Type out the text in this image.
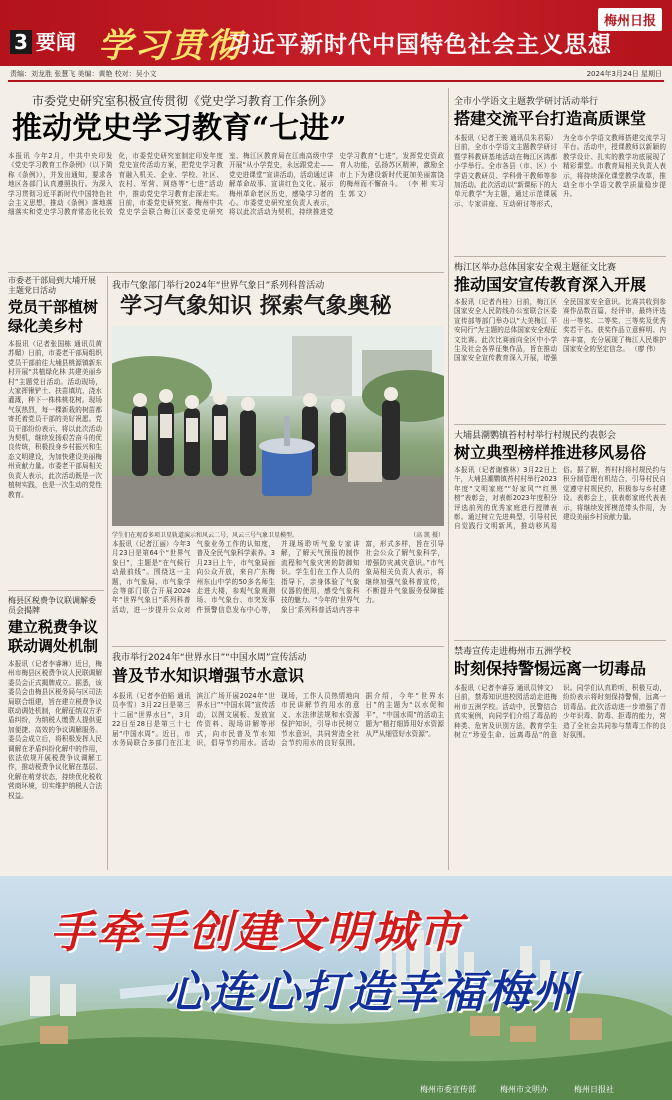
3 要闻 学习贯彻
习近平新时代中国特色社会主义思想
梅州日报
责编：刘龙胜 张慧飞 美编：黄艳 校对：吴小文	2024年3月24日 星期日
市委党史研究室积极宣传贯彻《党史学习教育工作条例》
推动党史学习教育“七进”
本报讯 今年2月，中共中央印发《党史学习教育工作条例》（以下简称《条例》），并发出通知，要求各地区各部门认真遵照执行。为深入学习贯彻习近平新时代中国特色社会主义思想，推动《条例》落地落细落实和党史学习教育常态化长效化，市委党史研究室制定印发年度党史宣传活动方案，把党史学习教育融入机关、企业、学校、社区、农村、军营、网络等“七进”活动中，推动党史学习教育走深走实。日前，市委党史研究室、梅州中共党史学会联合梅江区委党史研究室、梅江区教育局在江南高级中学开展“从小学党史，永远跟党走——党史进课堂”宣讲活动，活动通过讲解革命故事、宣讲红色文化、展示梅州革命老区历史，感染学习者的心。市委党史研究室负责人表示，将以此次活动为契机，持续推进党史学习教育“七进”，发挥党史资政育人功能，弘扬苏区精神，激励全市上下为建设新时代更加美丽富饶的梅州而不懈奋斗。 （李 彬 实习生 郭 文）
市委老干部局到大埔开展主题党日活动
党员干部植树绿化美乡村
本报讯（记者张国栋 通讯员黄苏媚）日前，市委老干部局组织党员干部前往大埔县桃源镇新东村开展“共植绿化林 共建美丽乡村”主题党日活动。活动现场，大家挥锹铲土、扶苗填坑、浇水灌溉，种下一株株桃花树。现场气氛热烈，每一棵新栽的树苗都寄托着党员干部的美好祝愿。党员干部纷纷表示，将以此次活动为契机，继续发扬艰苦奋斗的优良传统，积极投身乡村振兴和生态文明建设，为加快建设美丽梅州贡献力量。市委老干部局相关负责人表示，此次活动既是一次植树实践，也是一次生动的党性教育。
梅县区税费争议联调解委员会揭牌
建立税费争议联动调处机制
本报讯（记者李睿琳）近日，梅州市梅县区税费争议人民联调解委员会正式揭牌成立。据悉，该委员会由梅县区税务局与区司法局联合组建，旨在建立税费争议联动调处机制，化解征纳双方矛盾纠纷，为纳税人缴费人提供更加便捷、高效的争议调解服务。委员会成立后，将积极发挥人民调解在矛盾纠纷化解中的作用，依法依规开展税费争议调解工作，推动税费争议化解在基层、化解在萌芽状态，持续优化税收营商环境，切实维护纳税人合法权益。
我市气象部门举行2024年“世界气象日”系列科普活动
学习气象知识 探索气象奥秘
学生们在观看多项卫星轨道演示和风云二号、风云三号气象卫星模型。	（高 凯 摄）
本报讯（记者江丽）今年3月23日是第64个“世界气象日”，主题是“在气候行动最前线”。围绕这一主题，市气象局、市气象学会等部门联合开展2024年“世界气象日”系列科普活动，进一步提升公众对气象业务工作的认知度，普及全民气象科学素养。3月23日上午，市气象局面向公众开放，来自广东梅州东山中学的50多名师生走进大楼，参观气象观测场、市气象台、市突发事件预警信息发布中心等，并现场聆听气象专家讲解，了解天气预报的制作流程和气象灾害的防御知识。学生们在工作人员的指导下，亲身体验了气象仪器的使用，感受气象科技的魅力。“今年的‘世界气象日’系列科普活动内容丰富，形式多样，旨在引导社会公众了解气象科学，增强防灾减灾意识。”市气象局相关负责人表示，将继续加强气象科普宣传，不断提升气象服务保障能力。
我市举行2024年“世界水日”“中国水周”宣传活动
普及节水知识增强节水意识
本报讯（记者李伯韬 通讯员李雪）3月22日是第三十二届“世界水日”，3月22日至28日是第三十七届“中国水周”。近日，市水务局联合多部门在江北滨江广场开展2024年“世界水日”“中国水周”宣传活动，以图文展板、发放宣传资料、现场讲解等形式，向市民普及节水知识，倡导节约用水。活动现场，工作人员热情地向市民讲解节约用水的意义、水法律法规和水资源保护知识，引导市民树立节水意识，共同营造全社会节约用水的良好氛围。据介绍，今年“世界水日”的主题为“以水促和平”，“中国水周”的活动主题为“精打细算用好水资源 从严从细管好水资源”。
全市小学语文主题教学研讨活动举行
搭建交流平台打造高质课堂
本报讯（记者王骏 通讯员朱君菊）日前，全市小学语文主题教学研讨暨学科教研基地活动在梅江区鸿都小学举行。全市各县（市、区）小学语文教研员、学科骨干教师等参加活动。此次活动以“新课标下的大单元教学”为主题，通过示范课展示、专家讲座、互动研讨等形式，为全市小学语文教师搭建交流学习平台。活动中，授课教师以新颖的教学设计、扎实的教学功底展现了精彩课堂。市教育局相关负责人表示，将持续深化课堂教学改革，推动全市小学语文教学质量稳步提升。
梅江区举办总体国家安全观主题征文比赛
推动国安宣传教育深入开展
本报讯（记者肖桂）日前，梅江区国家安全人民防线办公室联合区委宣传部等部门举办以“大美梅江 平安同行”为主题的总体国家安全观征文比赛。此次比赛面向全区中小学生及社会各界征集作品，旨在推动国家安全宣传教育深入开展，增强全民国家安全意识。比赛共收到参赛作品数百篇，经评审，最终评选出一等奖、二等奖、三等奖及优秀奖若干名。获奖作品立意鲜明、内容丰富，充分展现了梅江人民维护国家安全的坚定信念。 （廖 伟）
大埔县潮鹦镇苔村村举行村规民约表彰会
树立典型榜样推进移风易俗
本报讯（记者谢雅林）3月22日上午，大埔县潮鹦镇苔村村举行2023年度“文明家庭”“好家风”“红黑榜”表彰会，对表彰2023年度积分评选前列的优秀家庭进行授牌表彰。通过树立先进典型，引导村民自觉践行文明新风，推动移风易俗。据了解，苔村村将村规民约与积分制管理有机结合，引导村民自觉遵守村规民约，积极参与乡村建设。表彰会上，获表彰家庭代表表示，将继续发挥模范带头作用，为建设美丽乡村贡献力量。
禁毒宣传走进梅州市五洲学校
时刻保持警惕远离一切毒品
本报讯（记者李睿芬 通讯员钟文）日前，禁毒知识进校园活动走进梅州市五洲学校。活动中，民警结合真实案例，向同学们介绍了毒品的种类、危害及识别方法，教育学生树立“珍爱生命、远离毒品”的意识。同学们认真聆听，积极互动，纷纷表示将时刻保持警惕，远离一切毒品。此次活动进一步增强了青少年识毒、防毒、拒毒的能力，营造了全社会共同参与禁毒工作的良好氛围。
手牵手创建文明城市
心连心打造幸福梅州
梅州市委宣传部	梅州市文明办	梅州日报社
